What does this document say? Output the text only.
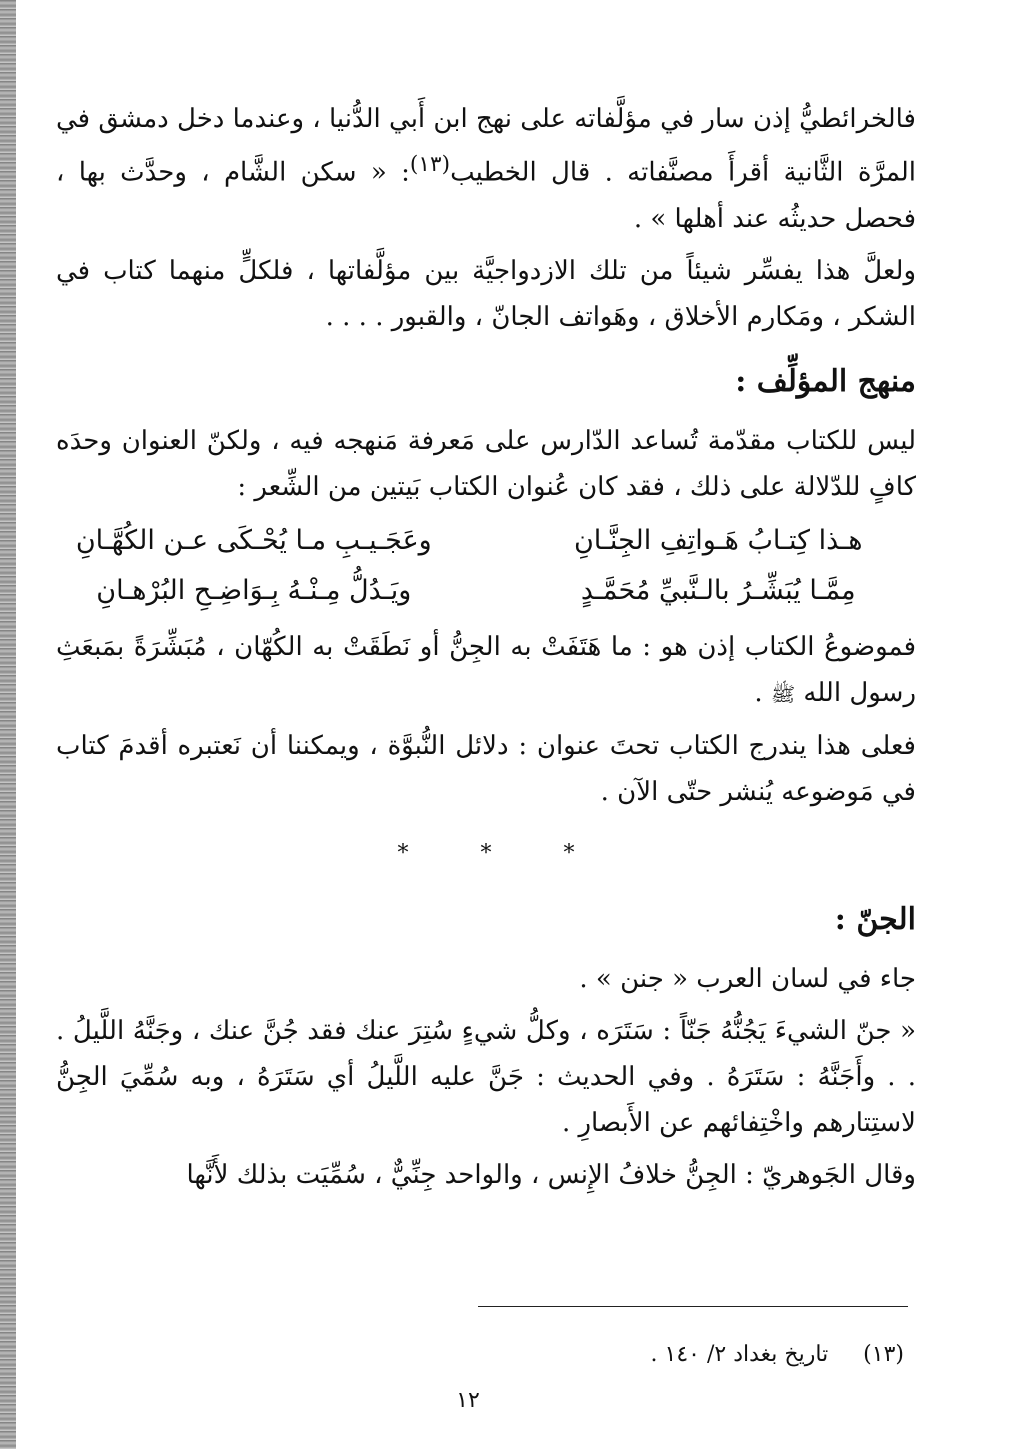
فالخرائطيُّ إذن سار في مؤلَّفاته على نهج ابن أَبي الدُّنيا ، وعندما دخل دمشق في المرَّة الثَّانية أقرأَ مصنَّفاته . قال الخطيب$^{(١٣)}$: « سكن الشَّام ، وحدَّث بها ، فحصل حديثُه عند أهلها » .

ولعلَّ هذا يفسِّر شيئاً من تلك الازدواجيَّة بين مؤلَّفاتها ، فلكلٍّ منهما كتاب في الشكر ، ومَكارم الأخلاق ، وهَواتف الجانّ ، والقبور . . . .

منهج المؤلِّف :

ليس للكتاب مقدّمة تُساعد الدّارس على مَعرفة مَنهجه فيه ، ولكنّ العنوان وحدَه كافٍ للدّلالة على ذلك ، فقد كان عُنوان الكتاب بَيتين من الشِّعر :

هـذا كِتـابُ هَـواتِفِ الجِنَّـانِ
وعَجَـيـبِ مـا يُحْـكَى عـن الكُهَّـانِ
مِمَّـا يُبَشِّـرُ بالـنَّبيِّ مُحَمَّـدٍ
ويَـدُلُّ مِـنْـهُ بِـوَاضِـحِ البُرْهـانِ

فموضوعُ الكتاب إذن هو : ما هَتَفَتْ به الجِنُّ أو نَطَقَتْ به الكُهّان ، مُبَشِّرَةً بمَبعَثِ رسول الله ﷺ .

فعلى هذا يندرج الكتاب تحتَ عنوان : دلائل النُّبوَّة ، ويمكننا أن نَعتبره أقدمَ كتاب في مَوضوعه يُنشر حتّى الآن .

*	*	*
الجنّ :

جاء في لسان العرب « جنن » .

« جنّ الشيءَ يَجُنُّهُ جَنّاً : سَتَرَه ، وكلُّ شيءٍ سُتِرَ عنك فقد جُنَّ عنك ، وجَنَّهُ اللَّيلُ . . . وأَجَنَّهُ : سَتَرَهُ . وفي الحديث : جَنَّ عليه اللَّيلُ أي سَتَرَهُ ، وبه سُمِّيَ الجِنُّ لاستِتارهم واخْتِفائهم عن الأَبصارِ .

وقال الجَوهريّ : الجِنُّ خلافُ الإِنس ، والواحد جِنِّيٌّ ، سُمِّيَت بذلك لأَنَّها

(١٣)     تاريخ بغداد ٢/ ١٤٠ .
١٢
